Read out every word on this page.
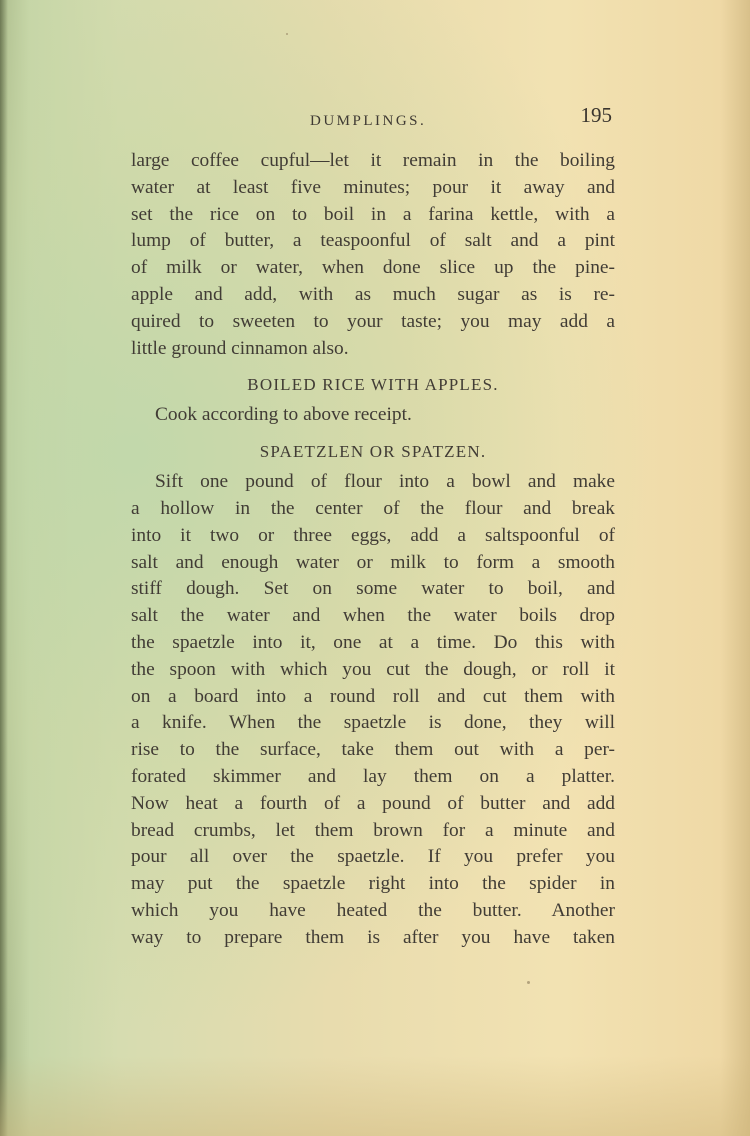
DUMPLINGS.	195
large coffee cupful—let it remain in the boiling
water at least five minutes; pour it away and
set the rice on to boil in a farina kettle, with a
lump of butter, a teaspoonful of salt and a pint
of milk or water, when done slice up the pine-
apple and add, with as much sugar as is re-
quired to sweeten to your taste; you may add a
little ground cinnamon also.
BOILED RICE WITH APPLES.
Cook according to above receipt.
SPAETZLEN OR SPATZEN.
Sift one pound of flour into a bowl and make
a hollow in the center of the flour and break
into it two or three eggs, add a saltspoonful of
salt and enough water or milk to form a smooth
stiff dough. Set on some water to boil, and
salt the water and when the water boils drop
the spaetzle into it, one at a time. Do this with
the spoon with which you cut the dough, or roll it
on a board into a round roll and cut them with
a knife. When the spaetzle is done, they will
rise to the surface, take them out with a per-
forated skimmer and lay them on a platter.
Now heat a fourth of a pound of butter and add
bread crumbs, let them brown for a minute and
pour all over the spaetzle. If you prefer you
may put the spaetzle right into the spider in
which you have heated the butter. Another
way to prepare them is after you have taken
